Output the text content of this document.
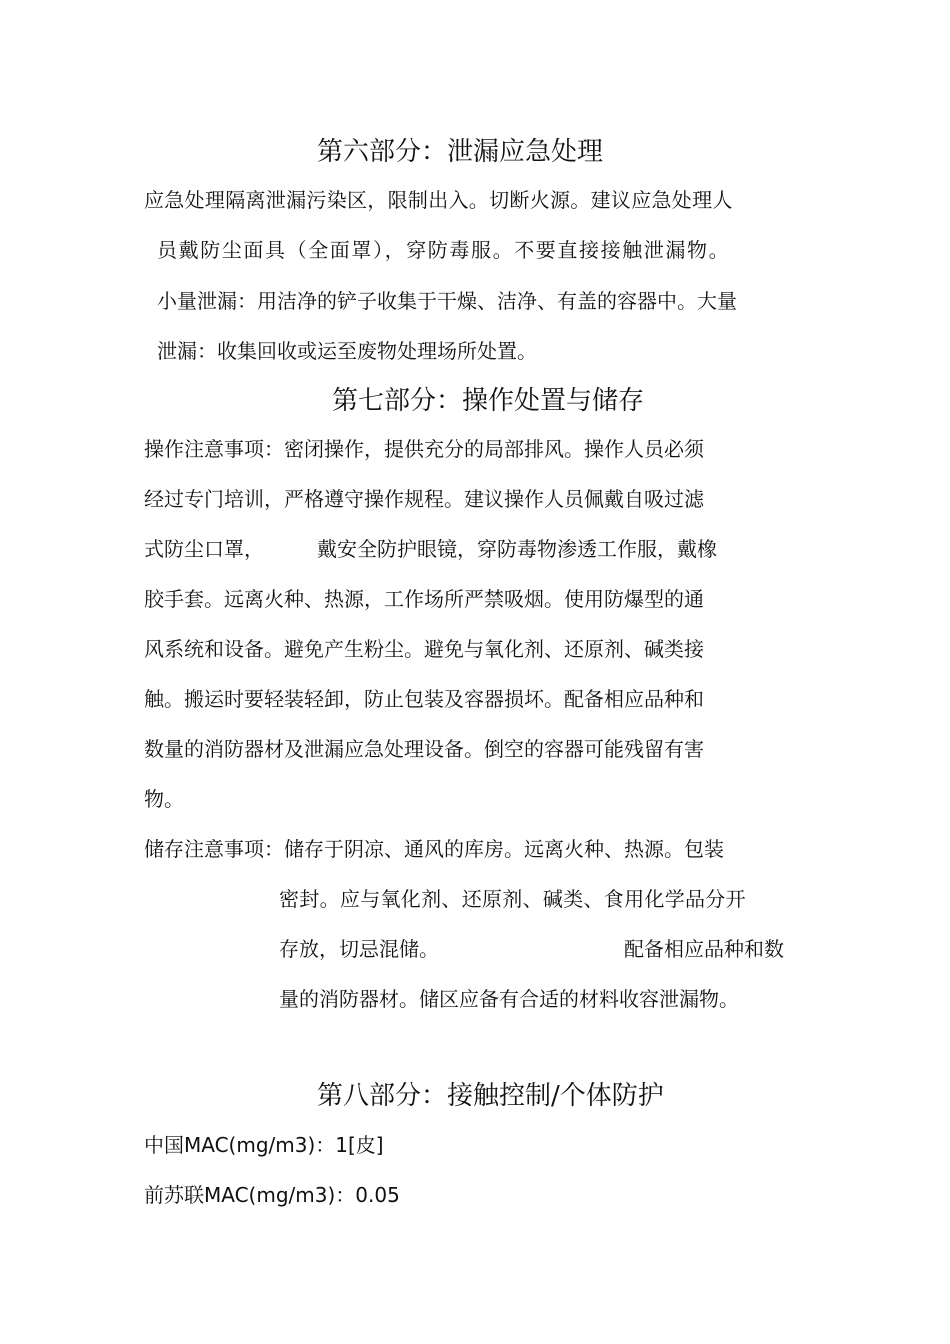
第六部分：泄漏应急处理
应急处理隔离泄漏污染区，限制出入。切断火源。建议应急处理人
员戴防尘面具（全面罩），穿防毒服。不要直接接触泄漏物。
小量泄漏：用洁净的铲子收集于干燥、洁净、有盖的容器中。大量
泄漏：收集回收或运至废物处理场所处置。
第七部分：操作处置与储存
操作注意事项：密闭操作，提供充分的局部排风。操作人员必须
经过专门培训，严格遵守操作规程。建议操作人员佩戴自吸过滤
式防尘口罩，	戴安全防护眼镜，穿防毒物渗透工作服，戴橡
胶手套。远离火种、热源，工作场所严禁吸烟。使用防爆型的通
风系统和设备。避免产生粉尘。避免与氧化剂、还原剂、碱类接
触。搬运时要轻装轻卸，防止包装及容器损坏。配备相应品种和
数量的消防器材及泄漏应急处理设备。倒空的容器可能残留有害
物。
储存注意事项：储存于阴凉、通风的库房。远离火种、热源。包装
密封。应与氧化剂、还原剂、碱类、食用化学品分开
存放，切忌混储。	配备相应品种和数
量的消防器材。储区应备有合适的材料收容泄漏物。
第八部分：接触控制/个体防护
中国MAC(mg/m3)：1[皮]
前苏联MAC(mg/m3)：0.05
